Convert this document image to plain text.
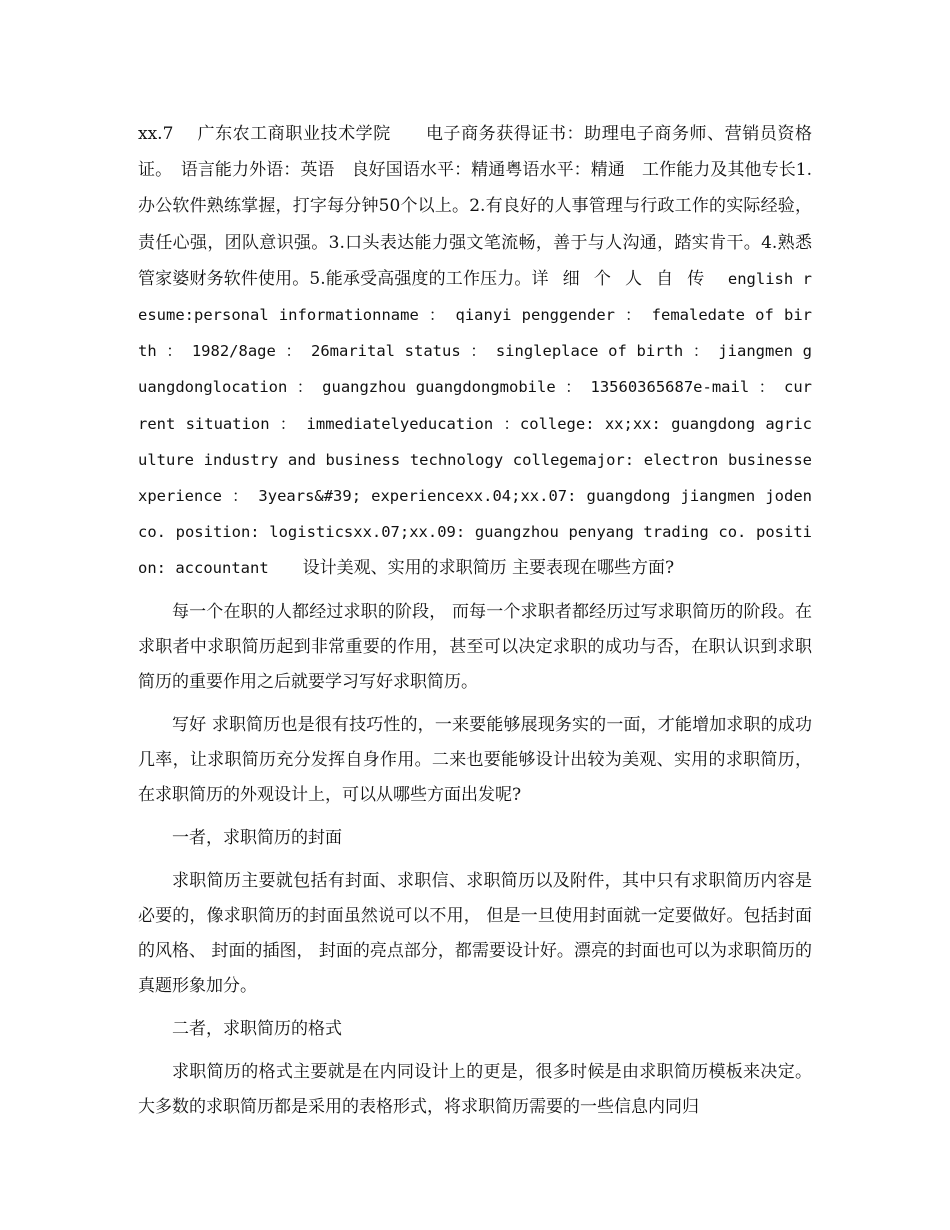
xx.7　 广东农工商职业技术学院　　电子商务获得证书：助理电子商务师、营销员资格证。　语言能力外语：英语　良好国语水平：精通粤语水平：精通　工作能力及其他专长1.办公软件熟练掌握，打字每分钟50个以上。2.有良好的人事管理与行政工作的实际经验，责任心强，团队意识强。3.口头表达能力强文笔流畅，善于与人沟通，踏实肯干。4.熟悉管家婆财务软件使用。5.能承受高强度的工作压力。详细个人自传 english resume:personal informationname ： qianyi penggender ： femaledate of birth ： 1982/8age ： 26marital status ： singleplace of birth ： jiangmen guangdonglocation ： guangzhou guangdongmobile ： 13560365687e-mail ： current situation ： immediatelyeducation ：college: xx;xx: guangdong agriculture industry and business technology collegemajor: electron businessexperience ： 3years&#39; experiencexx.04;xx.07: guangdong jiangmen joden co. position: logisticsxx.07;xx.09: guangzhou penyang trading co. position: accountant　　设计美观、实用的求职简历 主要表现在哪些方面?

每一个在职的人都经过求职的阶段， 而每一个求职者都经历过写求职简历的阶段。在求职者中求职简历起到非常重要的作用，甚至可以决定求职的成功与否，在职认识到求职简历的重要作用之后就要学习写好求职简历。

写好 求职简历也是很有技巧性的，一来要能够展现务实的一面，才能增加求职的成功几率，让求职简历充分发挥自身作用。二来也要能够设计出较为美观、实用的求职简历，在求职简历的外观设计上，可以从哪些方面出发呢?

一者，求职简历的封面

求职简历主要就包括有封面、求职信、求职简历以及附件，其中只有求职简历内容是必要的，像求职简历的封面虽然说可以不用， 但是一旦使用封面就一定要做好。包括封面的风格、 封面的插图， 封面的亮点部分，都需要设计好。漂亮的封面也可以为求职简历的真题形象加分。

二者，求职简历的格式

求职简历的格式主要就是在内同设计上的更是，很多时候是由求职简历模板来决定。大多数的求职简历都是采用的表格形式，将求职简历需要的一些信息内同归
